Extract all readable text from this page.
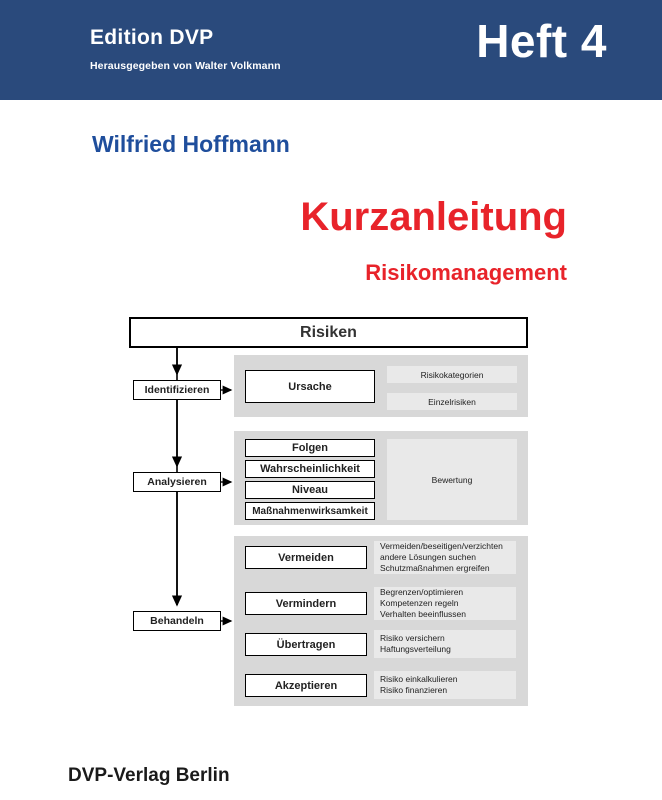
Edition DVP
Herausgegeben von Walter Volkmann	Heft 4
Wilfried Hoffmann
Kurzanleitung
Risikomanagement
Risiken
Identifizieren
Analysieren
Behandeln
Ursache
Risikokategorien
Einzelrisiken
Folgen
Wahrscheinlichkeit
Niveau
Maßnahmenwirksamkeit
Bewertung
Vermeiden
Vermindern
Übertragen
Akzeptieren
Vermeiden/beseitigen/verzichten
andere Lösungen suchen
Schutzmaßnahmen ergreifen
Begrenzen/optimieren
Kompetenzen regeln
Verhalten beeinflussen
Risiko versichern
Haftungsverteilung
Risiko einkalkulieren
Risiko finanzieren
DVP-Verlag Berlin
